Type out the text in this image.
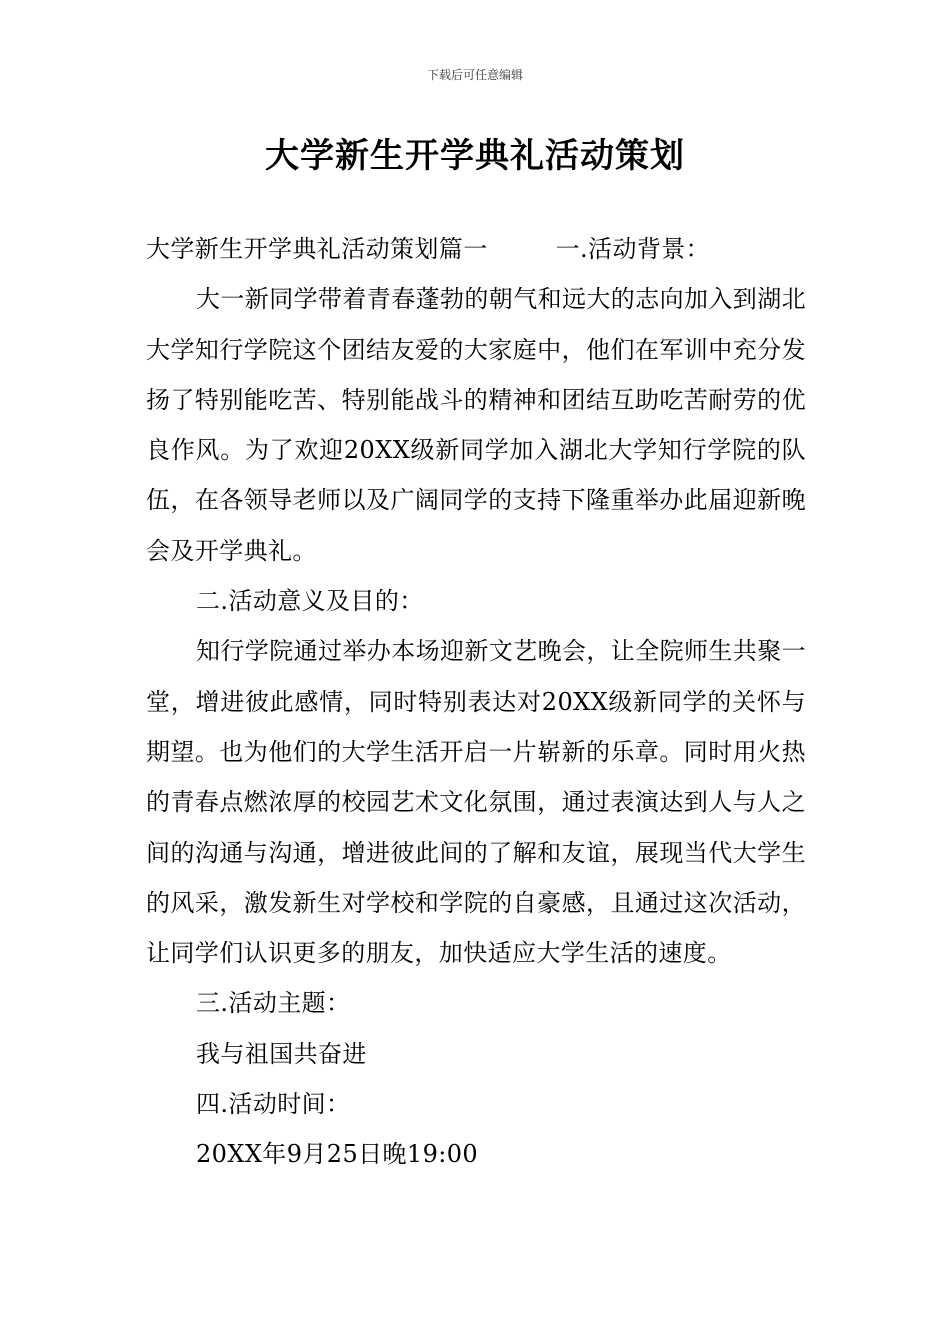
下载后可任意编辑
大学新生开学典礼活动策划

大学新生开学典礼活动策划篇一	一.活动背景：

大一新同学带着青春蓬勃的朝气和远大的志向加入到湖北大学知行学院这个团结友爱的大家庭中，他们在军训中充分发扬了特别能吃苦、特别能战斗的精神和团结互助吃苦耐劳的优良作风。为了欢迎20XX级新同学加入湖北大学知行学院的队伍，在各领导老师以及广阔同学的支持下隆重举办此届迎新晚会及开学典礼。

二.活动意义及目的：

知行学院通过举办本场迎新文艺晚会，让全院师生共聚一堂，增进彼此感情，同时特别表达对20XX级新同学的关怀与期望。也为他们的大学生活开启一片崭新的乐章。同时用火热的青春点燃浓厚的校园艺术文化氛围，通过表演达到人与人之间的沟通与沟通，增进彼此间的了解和友谊，展现当代大学生的风采，激发新生对学校和学院的自豪感，且通过这次活动，让同学们认识更多的朋友，加快适应大学生活的速度。

三.活动主题：

我与祖国共奋进

四.活动时间：

20XX年9月25日晚19:00
